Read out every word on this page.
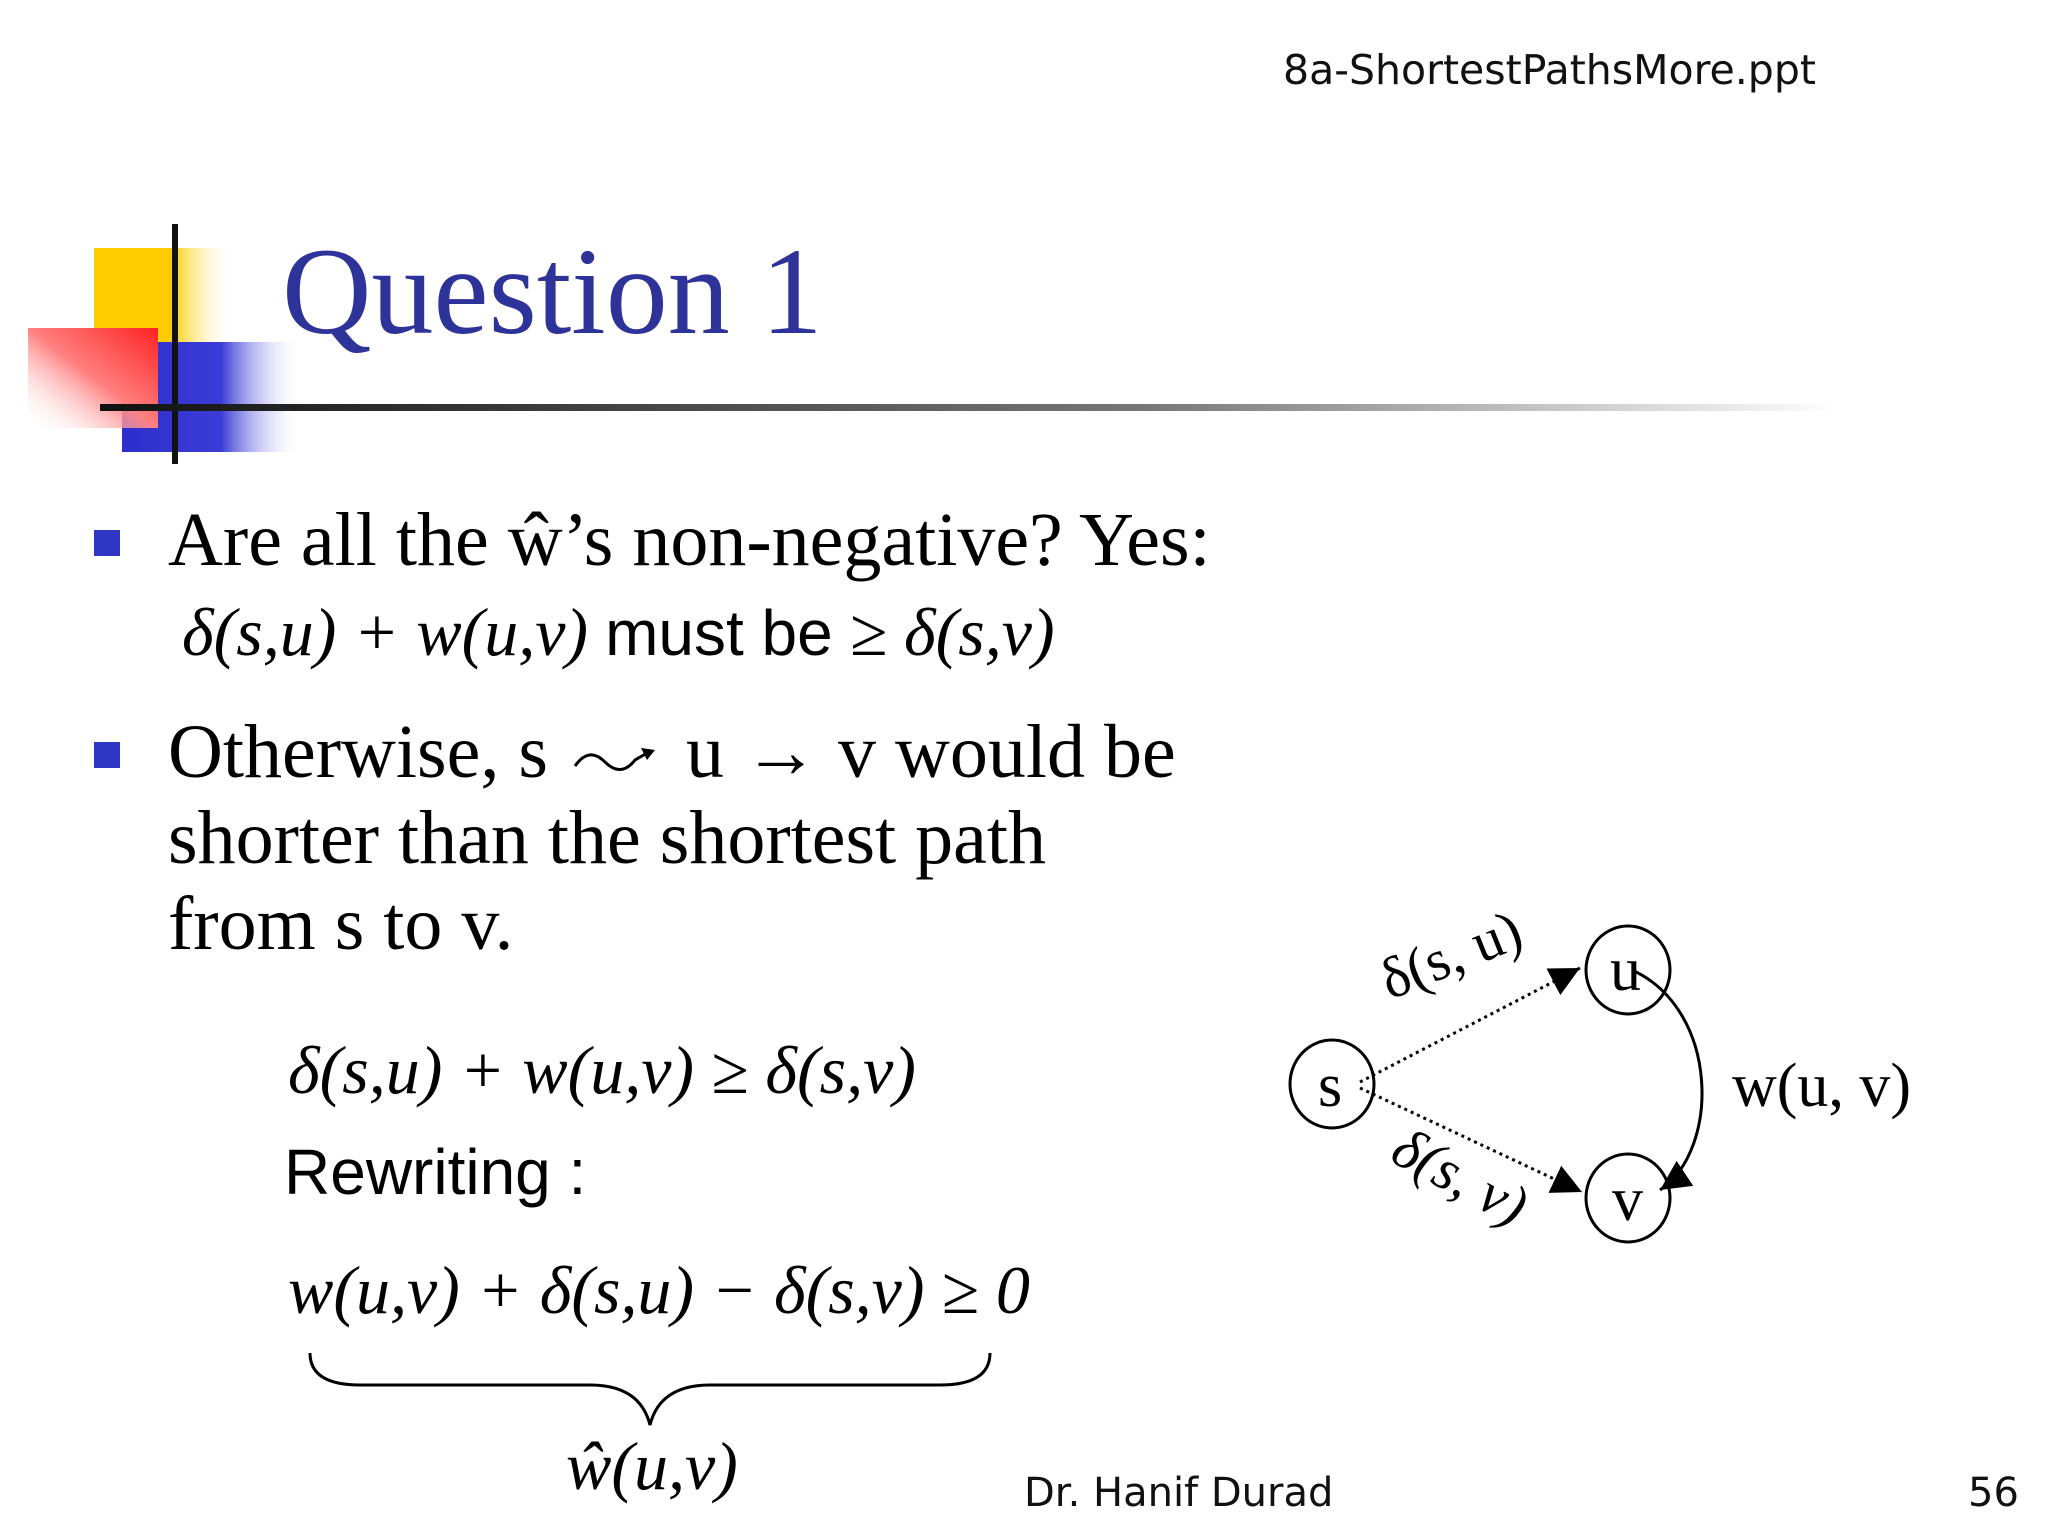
8a-ShortestPathsMore.ppt
Question 1
Are all the ŵ’s non-negative? Yes:
δ(s,u) + w(u,v) must be ≥ δ(s,v)
Otherwise, s u → v would be
shorter than the shortest path
from s to v.
δ(s,u) + w(u,v) ≥ δ(s,v)
Rewriting :
w(u,v) + δ(s,u) − δ(s,v) ≥ 0
ŵ(u,v)
s
u
v
δ(s, u)
δ(s, v)
w(u, v)
Dr. Hanif Durad	56
